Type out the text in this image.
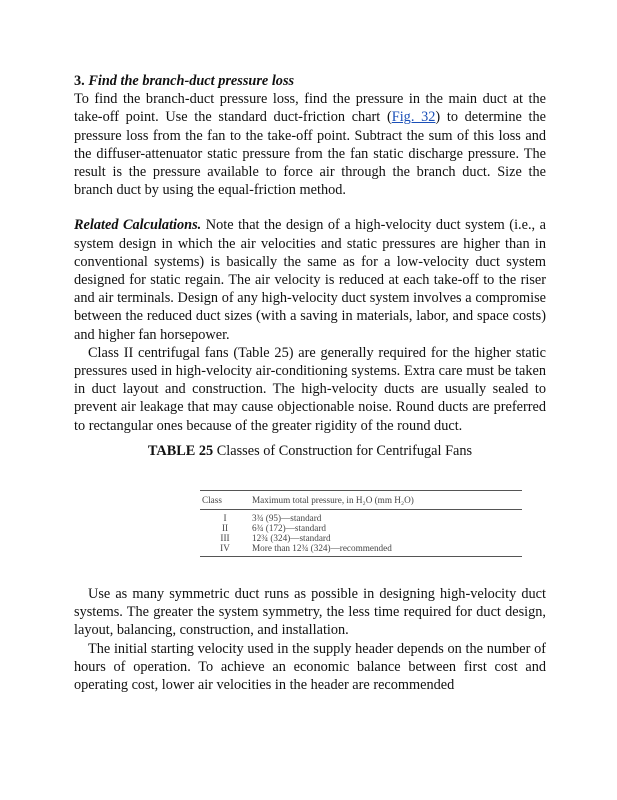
3. Find the branch-duct pressure loss

To find the branch-duct pressure loss, find the pressure in the main duct at the take-off point. Use the standard duct-friction chart (Fig. 32) to determine the pressure loss from the fan to the take-off point. Subtract the sum of this loss and the diffuser-attenuator static pressure from the fan static discharge pressure. The result is the pressure available to force air through the branch duct. Size the branch duct by using the equal-friction method.

Related Calculations. Note that the design of a high-velocity duct system (i.e., a system design in which the air velocities and static pressures are higher than in conventional systems) is basically the same as for a low-velocity duct system designed for static regain. The air velocity is reduced at each take-off to the riser and air terminals. Design of any high-velocity duct system involves a compromise between the reduced duct sizes (with a saving in materials, labor, and space costs) and higher fan horsepower.

Class II centrifugal fans (Table 25) are generally required for the higher static pressures used in high-velocity air-conditioning systems. Extra care must be taken in duct layout and construction. The high-velocity ducts are usually sealed to prevent air leakage that may cause objectionable noise. Round ducts are preferred to rectangular ones because of the greater rigidity of the round duct.

TABLE 25 Classes of Construction for Centrifugal Fans

Class	Maximum total pressure, in H₂O (mm H₂O)
I	3¾ (95)—standard
II	6¾ (172)—standard
III	12¾ (324)—standard
IV	More than 12¾ (324)—recommended

Use as many symmetric duct runs as possible in designing high-velocity duct systems. The greater the system symmetry, the less time required for duct design, layout, balancing, construction, and installation.

The initial starting velocity used in the supply header depends on the number of hours of operation. To achieve an economic balance between first cost and operating cost, lower air velocities in the header are recommended
